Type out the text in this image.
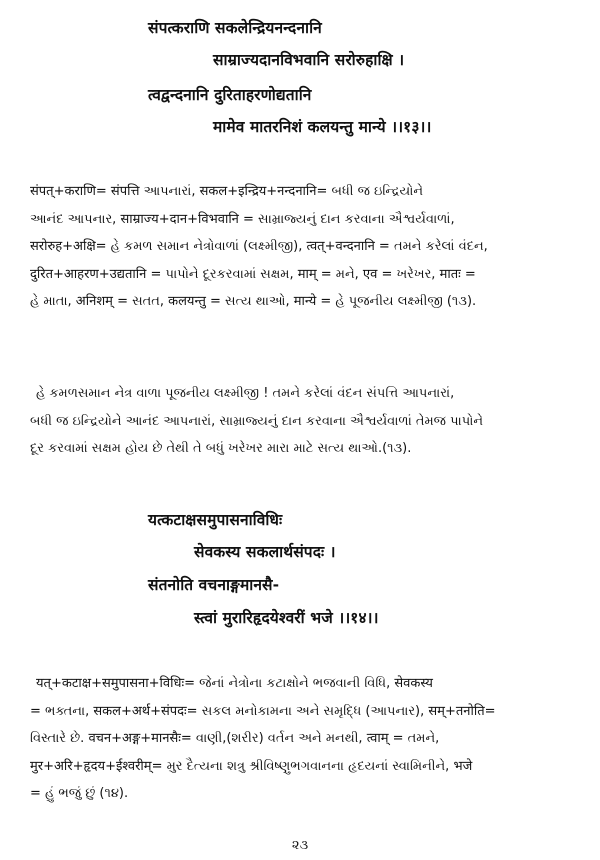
संपत्कराणि सकलेन्द्रियनन्दनानि
साम्राज्यदानविभवानि सरोरुहाक्षि ।
त्वद्वन्दनानि दुरिताहरणोद्यतानि
मामेव मातरनिशं कलयन्तु मान्ये ।।१३।।

संपत्+कराणि= संपत्ति આપનારાં, सकल+इन्द्रिय+नन्दनानि= બધી જ ઇન્દ્રિયોને

આનંદ આપનાર, साम्राज्य+दान+विभवानि = સામ્રાજ્યનું દાન કરવાના ઐશ્વર્યવાળાં,

सरोरुह+अक्षि= હે કમળ સમાન નેત્રોવાળાં (લક્ષ્મીજી), त्वत्+वन्दनानि = તમને કરેલાં વંદન,

दुरित+आहरण+उद्यतानि = પાપોને દૂરકરવામાં સક્ષમ, माम् = મને, एव = ખરેખર, मातः =

હે માતા, अनिशम् = સતત, कलयन्तु = સત્ય થાઓ, मान्ये = હે પૂજનીય લક્ષ્મીજી (૧૩).

હે કમળસમાન નેત્ર વાળા પૂજનીય લક્ષ્મીજી ! તમને કરેલાં વંદન સંપત્તિ આપનારાં,

બધી જ ઇન્દ્રિયોને આનંદ આપનારાં, સામ્રાજ્યનું દાન કરવાના ઐશ્વર્યવાળાં તેમજ પાપોને

દૂર કરવામાં સક્ષમ હોય છે તેથી તે બધું ખરેખર મારા માટે સત્ય થાઓ.(૧૩).

यत्कटाक्षसमुपासनाविधिः
सेवकस्य सकलार्थसंपदः ।
संतनोति वचनाङ्गमानसै-
स्त्वां मुरारिहृदयेश्वरीं भजे ।।१४।।

यत्+कटाक्ष+समुपासना+विधिः= જેનાં નેત્રોના કટાક્ષોને ભજવાની વિધિ, सेवकस्य

= ભક્તના, सकल+अर्थ+संपदः= સકલ મનોકામના અને સમૃદ્ધિ (આપનાર), सम्+तनोति=

વિસ્તારે છે. वचन+अङ्ग+मानसैः= વાણી,(શરીર) વર્તન અને મનથી, त्वाम् = તમને,

मुर+अरि+हृदय+ईश्वरीम्= મુર દૈત્યના શત્રુ શ્રીવિષ્ણુભગવાનના હૃદયનાં સ્વામિનીને, भजे

= હું ભજું છું (૧૪).

૨૩
